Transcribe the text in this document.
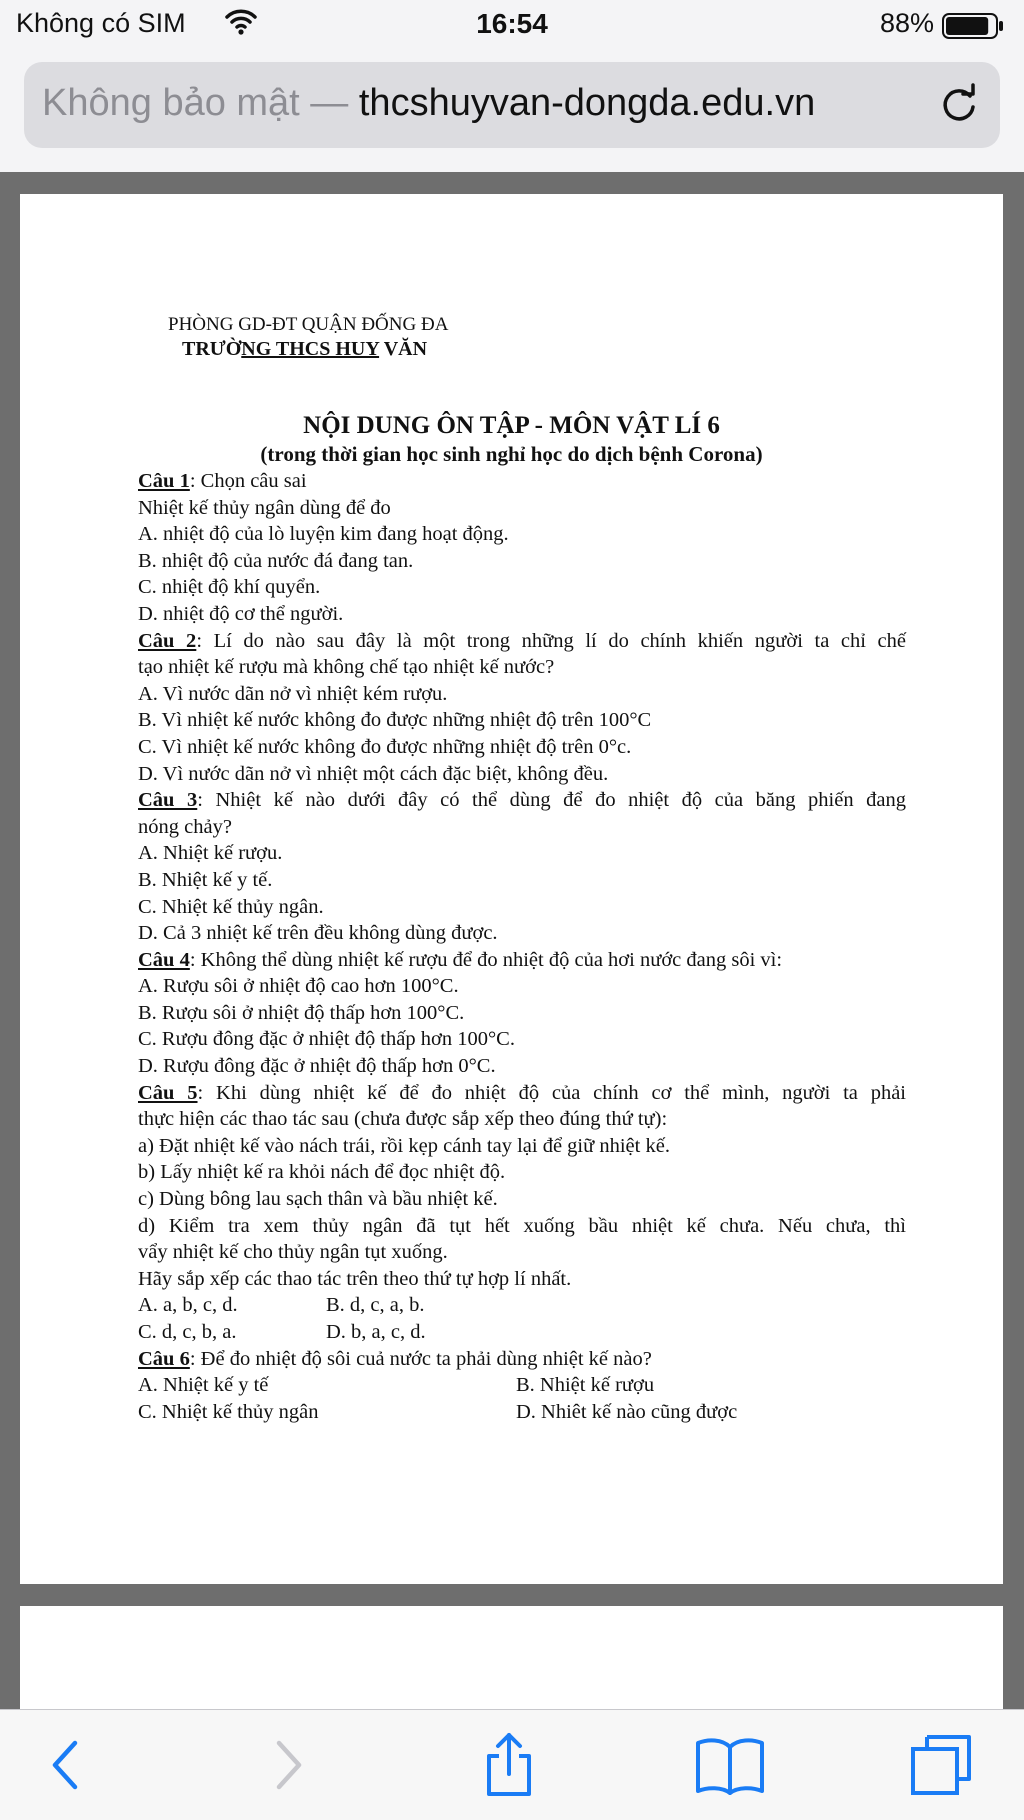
Không có SIM	16:54	88%
Không bảo mật — thcshuyvan-dongda.edu.vn
PHÒNG GD-ĐT QUẬN ĐỐNG ĐA
TRƯỜNG THCS HUY VĂN
NỘI DUNG ÔN TẬP - MÔN VẬT LÍ 6
(trong thời gian học sinh nghỉ học do dịch bệnh Corona)
Câu 1: Chọn câu sai
Nhiệt kế thủy ngân dùng để đo
A. nhiệt độ của lò luyện kim đang hoạt động.
B. nhiệt độ của nước đá đang tan.
C. nhiệt độ khí quyển.
D. nhiệt độ cơ thể người.
Câu 2: Lí do nào sau đây là một trong những lí do chính khiến người ta chỉ chế
tạo nhiệt kế rượu mà không chế tạo nhiệt kế nước?
A. Vì nước dãn nở vì nhiệt kém rượu.
B. Vì nhiệt kế nước không đo được những nhiệt độ trên 100°C
C. Vì nhiệt kế nước không đo được những nhiệt độ trên 0°c.
D. Vì nước dãn nở vì nhiệt một cách đặc biệt, không đều.
Câu 3: Nhiệt kế nào dưới đây có thể dùng để đo nhiệt độ của băng phiến đang
nóng chảy?
A. Nhiệt kế rượu.
B. Nhiệt kế y tế.
C. Nhiệt kế thủy ngân.
D. Cả 3 nhiệt kế trên đều không dùng được.
Câu 4: Không thể dùng nhiệt kế rượu để đo nhiệt độ của hơi nước đang sôi vì:
A. Rượu sôi ở nhiệt độ cao hơn 100°C.
B. Rượu sôi ở nhiệt độ thấp hơn 100°C.
C. Rượu đông đặc ở nhiệt độ thấp hơn 100°C.
D. Rượu đông đặc ở nhiệt độ thấp hơn 0°C.
Câu 5: Khi dùng nhiệt kế để đo nhiệt độ của chính cơ thể mình, người ta phải
thực hiện các thao tác sau (chưa được sắp xếp theo đúng thứ tự):
a) Đặt nhiệt kế vào nách trái, rồi kẹp cánh tay lại để giữ nhiệt kế.
b) Lấy nhiệt kế ra khỏi nách để đọc nhiệt độ.
c) Dùng bông lau sạch thân và bầu nhiệt kế.
d) Kiểm tra xem thủy ngân đã tụt hết xuống bầu nhiệt kế chưa. Nếu chưa, thì
vẩy nhiệt kế cho thủy ngân tụt xuống.
Hãy sắp xếp các thao tác trên theo thứ tự hợp lí nhất.
A. a, b, c, d.	B. d, c, a, b.
C. d, c, b, a.	D. b, a, c, d.
Câu 6: Để đo nhiệt độ sôi cuả nước ta phải dùng nhiệt kế nào?
A. Nhiệt kế y tế	B. Nhiệt kế rượu
C. Nhiệt kế thủy ngân	D. Nhiêt kế nào cũng được
